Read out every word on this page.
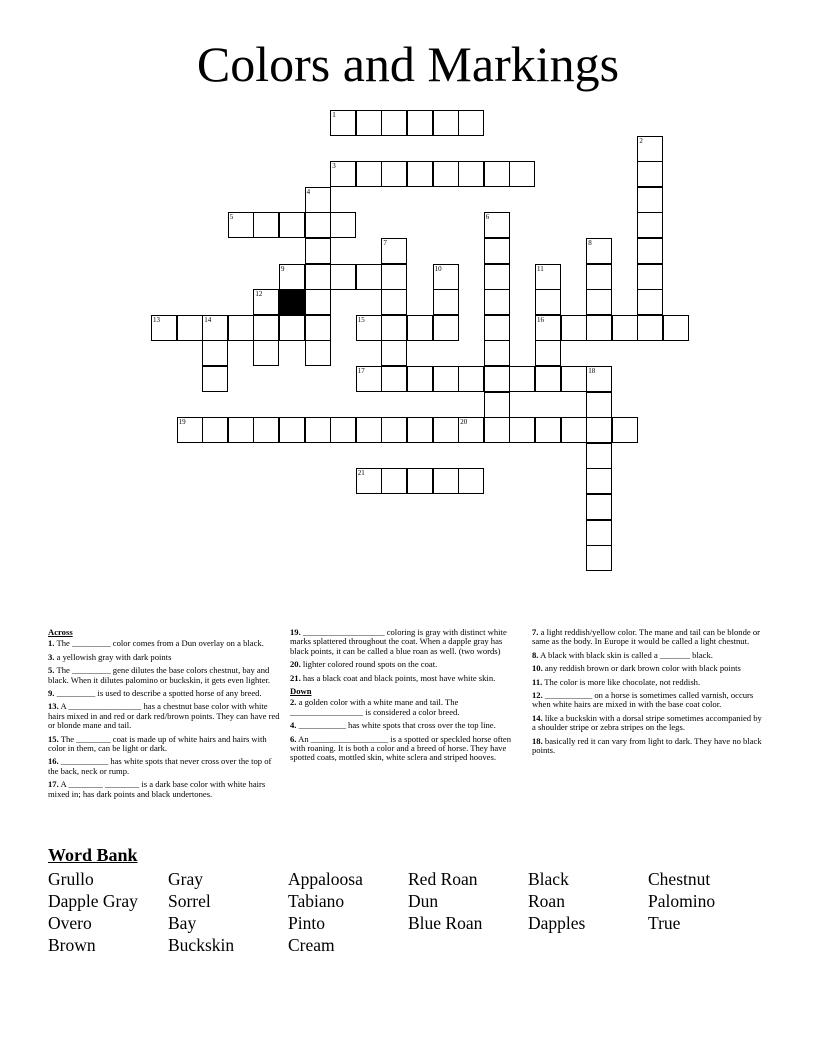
Colors and Markings
1
2
3
4
5	6
7	8
9	10	11
16
12
13	14	15
17	18
19	20
21

Across

1. The _________ color comes from a Dun overlay on a black.

3. a yellowish gray with dark points

5. The _________ gene dilutes the base colors chestnut, bay and black. When it dilutes palomino or buckskin, it gets even lighter.

9. _________ is used to describe a spotted horse of any breed.

13. A _________________ has a chestnut base color with white hairs mixed in and red or dark red/brown points. They can have red or blonde mane and tail.

15. The ________ coat is made up of white hairs and hairs with color in them, can be light or dark.

16. ___________ has white spots that never cross over the top of the back, neck or rump.

17. A ________ ________ is a dark base color with white hairs mixed in; has dark points and black undertones.

19. ___________________ coloring is gray with distinct white marks splattered throughout the coat. When a dapple gray has black points, it can be called a blue roan as well. (two words)

20. lighter colored round spots on the coat.

21. has a black coat and black points, most have white skin.

Down

2. a golden color with a white mane and tail. The _________________ is considered a color breed.

4. ___________ has white spots that cross over the top line.

6. An __________________ is a spotted or speckled horse often with roaning. It is both a color and a breed of horse. They have spotted coats, mottled skin, white sclera and striped hooves.

7. a light reddish/yellow color. The mane and tail can be blonde or same as the body. In Europe it would be called a light chestnut.

8. A black with black skin is called a _______ black.

10. any reddish brown or dark brown color with black points

11. The color is more like chocolate, not reddish.

12. ___________ on a horse is sometimes called varnish, occurs when white hairs are mixed in with the base coat color.

14. like a buckskin with a dorsal stripe sometimes accompanied by a shoulder stripe or zebra stripes on the legs.

18. basically red it can vary from light to dark. They have no black points.

Word Bank
Grullo
Dapple Gray
Overo
Brown
Gray
Sorrel
Bay
Buckskin
Appaloosa
Tabiano
Pinto
Cream
Red Roan
Dun
Blue Roan
Black
Roan
Dapples
Chestnut
Palomino
True
